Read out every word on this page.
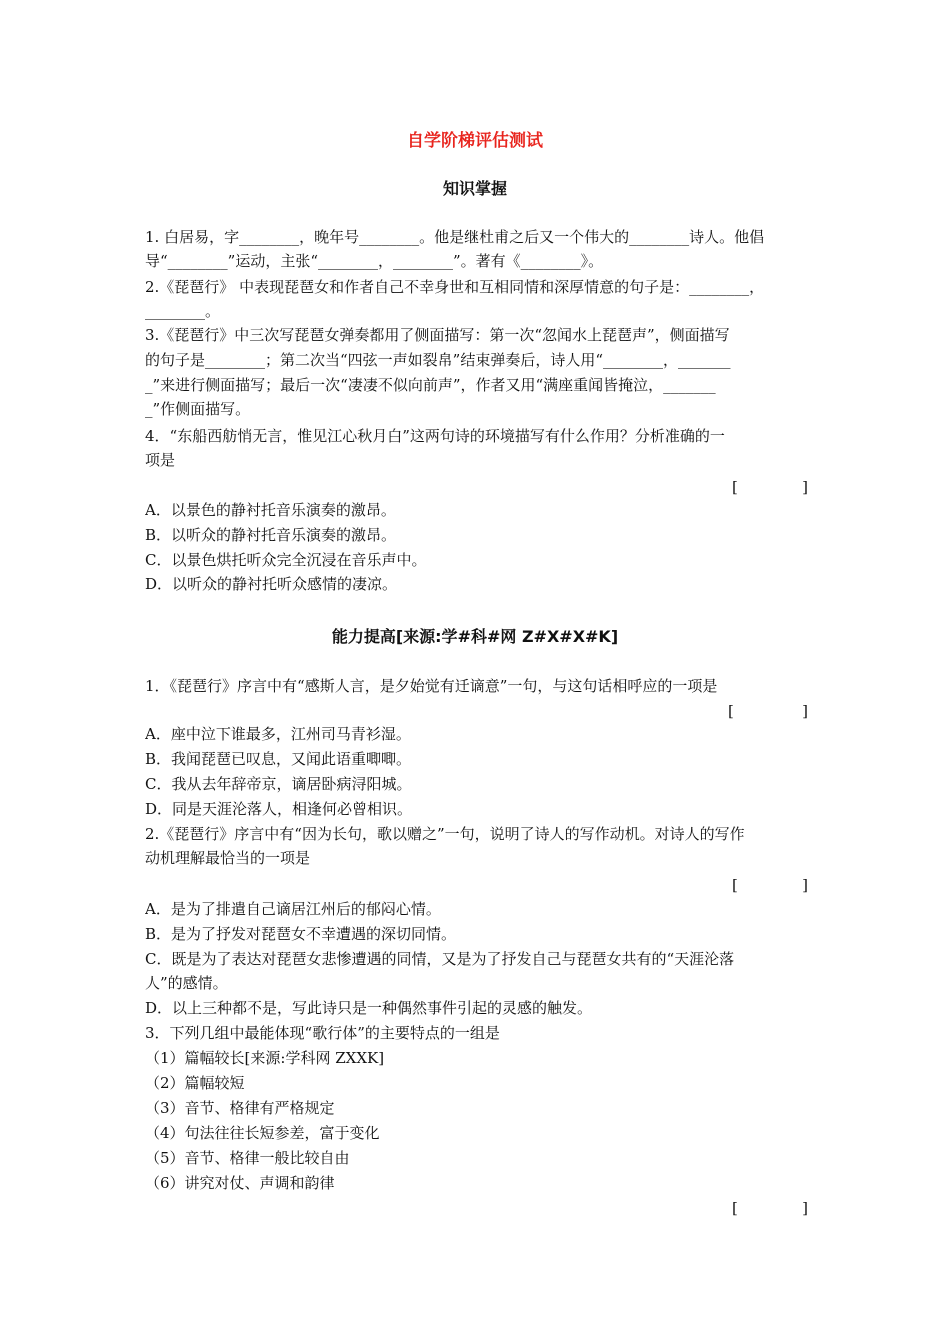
自学阶梯评估测试
知识掌握
1. 白居易，字________，晚年号________。他是继杜甫之后又一个伟大的________诗人。他倡
导“________”运动，主张“________，________”。著有《________》。
2.《琵琶行》 中表现琵琶女和作者自己不幸身世和互相同情和深厚情意的句子是：________，
________。
3.《琵琶行》中三次写琵琶女弹奏都用了侧面描写：第一次“忽闻水上琵琶声”，侧面描写
的句子是________；第二次当“四弦一声如裂帛”结束弹奏后，诗人用“________，_______
_”来进行侧面描写；最后一次“凄凄不似向前声”，作者又用“满座重闻皆掩泣，_______
_”作侧面描写。
4．“东船西舫悄无言，惟见江心秋月白”这两句诗的环境描写有什么作用？分析准确的一
项是
[	]
A．以景色的静衬托音乐演奏的激昂。
B．以听众的静衬托音乐演奏的激昂。
C．以景色烘托听众完全沉浸在音乐声中。
D．以听众的静衬托听众感情的凄凉。
能力提高[来源:学#科#网 Z#X#X#K]
1．《琵琶行》序言中有“感斯人言，是夕始觉有迁谪意”一句，与这句话相呼应的一项是
[	]
A．座中泣下谁最多，江州司马青衫湿。
B．我闻琵琶已叹息，又闻此语重唧唧。
C．我从去年辞帝京，谪居卧病浔阳城。
D．同是天涯沦落人，相逢何必曾相识。
2.《琵琶行》序言中有“因为长句，歌以赠之”一句，说明了诗人的写作动机。对诗人的写作
动机理解最恰当的一项是
[	]
A．是为了排遣自己谪居江州后的郁闷心情。
B．是为了抒发对琵琶女不幸遭遇的深切同情。
C．既是为了表达对琵琶女悲惨遭遇的同情，又是为了抒发自己与琵琶女共有的“天涯沦落
人”的感情。
D．以上三种都不是，写此诗只是一种偶然事件引起的灵感的触发。
3．下列几组中最能体现“歌行体”的主要特点的一组是
（1）篇幅较长[来源:学科网 ZXXK]
（2）篇幅较短
（3）音节、格律有严格规定
（4）句法往往长短参差，富于变化
（5）音节、格律一般比较自由
（6）讲究对仗、声调和韵律
[	]
